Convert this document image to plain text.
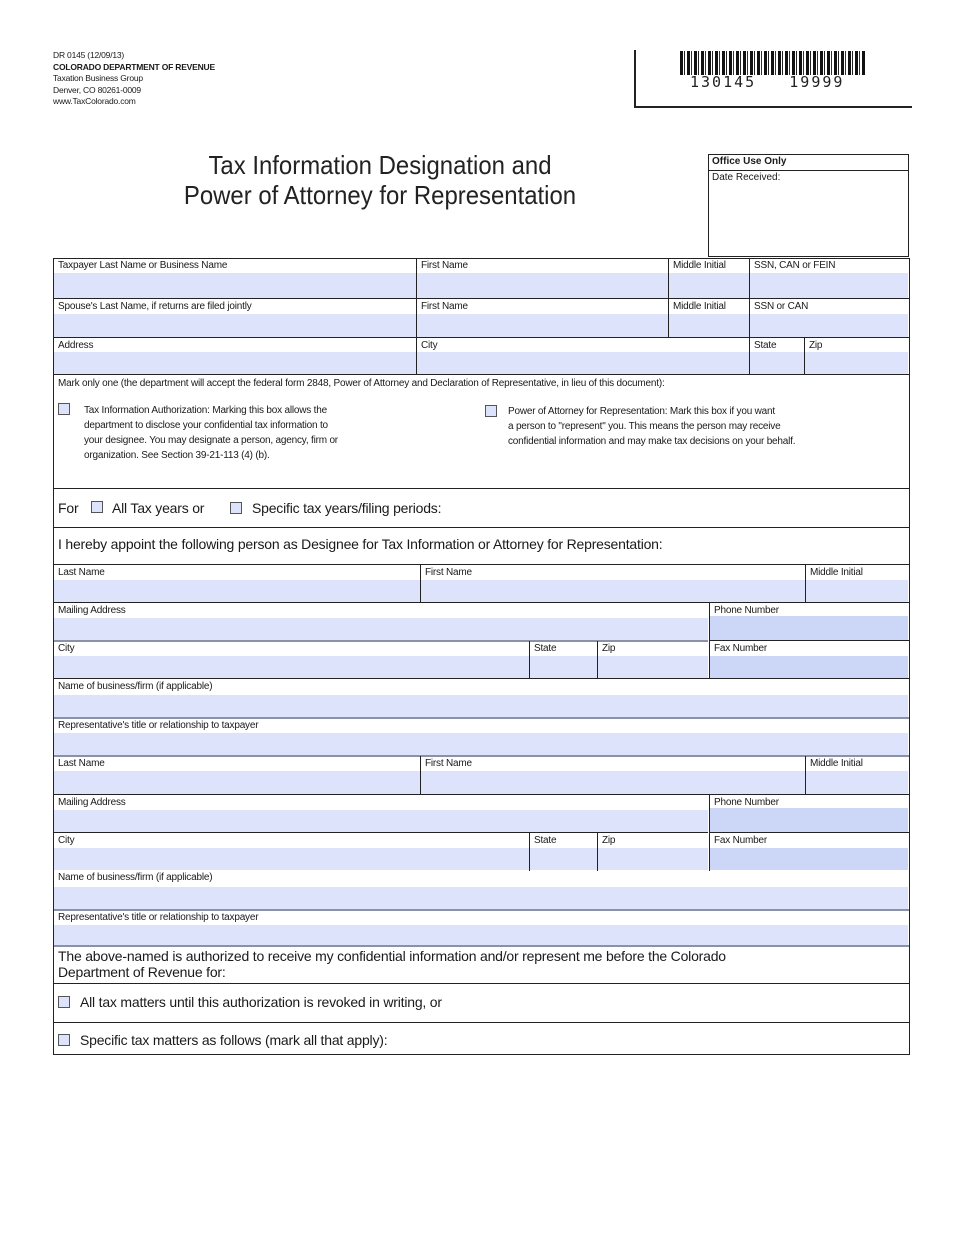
DR 0145 (12/09/13)
COLORADO DEPARTMENT OF REVENUE
Taxation Business Group
Denver, CO 80261-0009
www.TaxColorado.com
130145   19999
Tax Information Designation and
Power of Attorney for Representation
Office Use Only
Date Received:
Taxpayer Last Name or Business Name	First Name	Middle Initial	SSN, CAN or FEIN
Spouse's Last Name, if returns are filed jointly	First Name	Middle Initial	SSN or CAN
Address	City	State	Zip
Mark only one (the department will accept the federal form 2848, Power of Attorney and Declaration of Representative, in lieu of this document):
Tax Information Authorization: Marking this box allows the
department to disclose your confidential tax information to
your designee. You may designate a person, agency, firm or
organization. See Section 39-21-113 (4) (b).
Power of Attorney for Representation: Mark this box if you want
a person to "represent" you. This means the person may receive
confidential information and may make tax decisions on your behalf.
For All Tax years or	Specific tax years/filing periods:
I hereby appoint the following person as Designee for Tax Information or Attorney for Representation:
Last Name	First Name	Middle Initial
Mailing Address	Phone Number
City	State	Zip	Fax Number
Name of business/firm (if applicable)
Representative's title or relationship to taxpayer
Last Name	First Name	Middle Initial
Mailing Address	Phone Number
City	State	Zip	Fax Number
Name of business/firm (if applicable)
Representative's title or relationship to taxpayer
The above-named is authorized to receive my confidential information and/or represent me before the Colorado
Department of Revenue for:
All tax matters until this authorization is revoked in writing, or
Specific tax matters as follows (mark all that apply):
